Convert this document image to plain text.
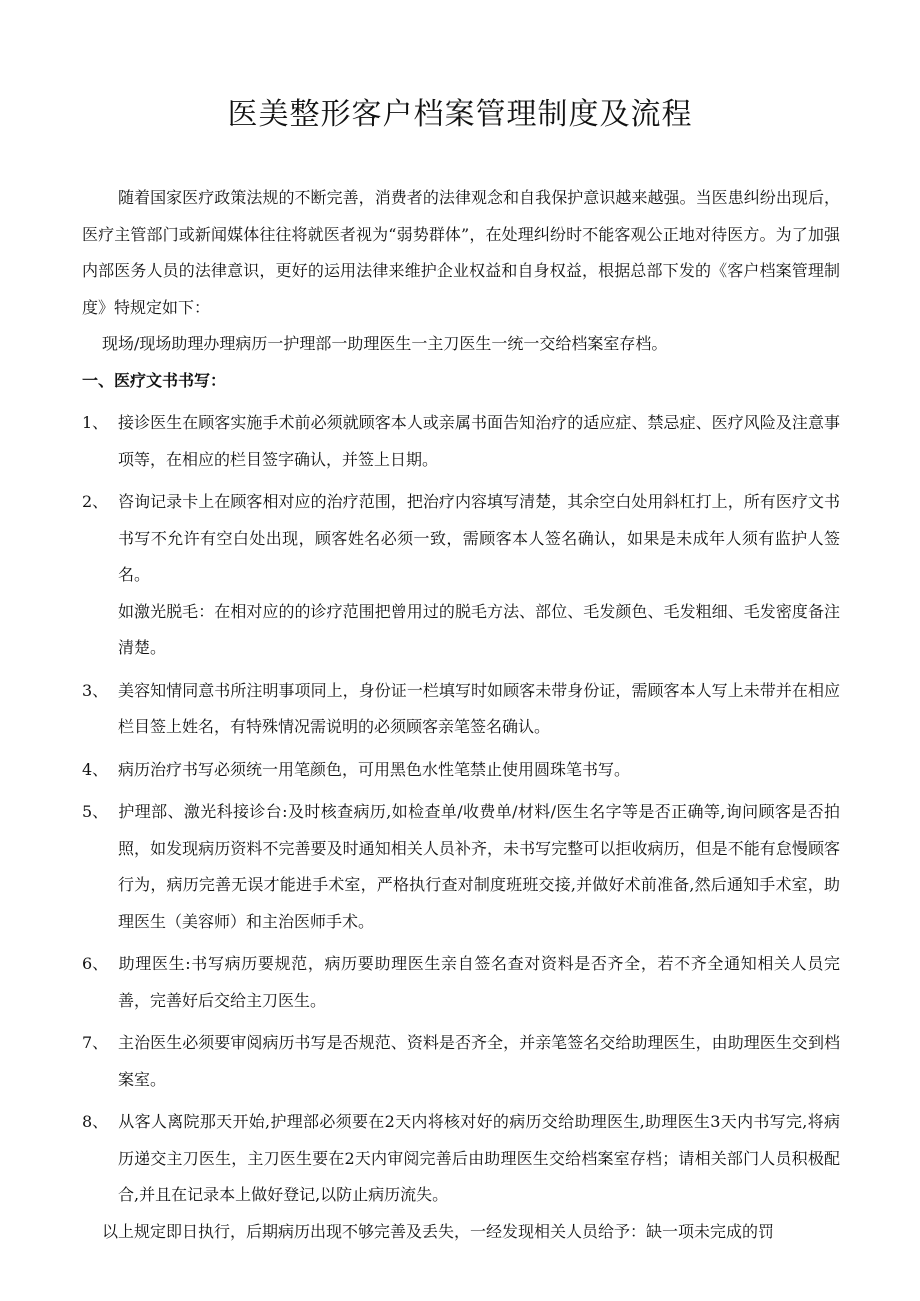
医美整形客户档案管理制度及流程

随着国家医疗政策法规的不断完善，消费者的法律观念和自我保护意识越来越强。当医患纠纷出现后，医疗主管部门或新闻媒体往往将就医者视为“弱势群体”，在处理纠纷时不能客观公正地对待医方。为了加强内部医务人员的法律意识，更好的运用法律来维护企业权益和自身权益，根据总部下发的《客户档案管理制度》特规定如下：

现场/现场助理办理病历一护理部一助理医生一主刀医生一统一交给档案室存档。

一、医疗文书书写：

1、 接诊医生在顾客实施手术前必须就顾客本人或亲属书面告知治疗的适应症、禁忌症、医疗风险及注意事项等，在相应的栏目签字确认，并签上日期。

2、 咨询记录卡上在顾客相对应的治疗范围，把治疗内容填写清楚，其余空白处用斜杠打上，所有医疗文书书写不允许有空白处出现，顾客姓名必须一致，需顾客本人签名确认，如果是未成年人须有监护人签名。

如激光脱毛：在相对应的的诊疗范围把曾用过的脱毛方法、部位、毛发颜色、毛发粗细、毛发密度备注清楚。

3、 美容知情同意书所注明事项同上，身份证一栏填写时如顾客未带身份证，需顾客本人写上未带并在相应栏目签上姓名，有特殊情况需说明的必须顾客亲笔签名确认。

4、 病历治疗书写必须统一用笔颜色，可用黑色水性笔禁止使用圆珠笔书写。

5、 护理部、激光科接诊台:及时核查病历,如检查单/收费单/材料/医生名字等是否正确等,询问顾客是否拍照，如发现病历资料不完善要及时通知相关人员补齐，未书写完整可以拒收病历，但是不能有怠慢顾客行为，病历完善无误才能进手术室，严格执行查对制度班班交接,并做好术前准备,然后通知手术室，助理医生（美容师）和主治医师手术。

6、 助理医生:书写病历要规范，病历要助理医生亲自签名查对资料是否齐全，若不齐全通知相关人员完善，完善好后交给主刀医生。

7、 主治医生必须要审阅病历书写是否规范、资料是否齐全，并亲笔签名交给助理医生，由助理医生交到档案室。

8、 从客人离院那天开始,护理部必须要在2天内将核对好的病历交给助理医生,助理医生3天内书写完,将病历递交主刀医生，主刀医生要在2天内审阅完善后由助理医生交给档案室存档；请相关部门人员积极配合,并且在记录本上做好登记,以防止病历流失。

以上规定即日执行，后期病历出现不够完善及丢失，一经发现相关人员给予：缺一项未完成的罚
